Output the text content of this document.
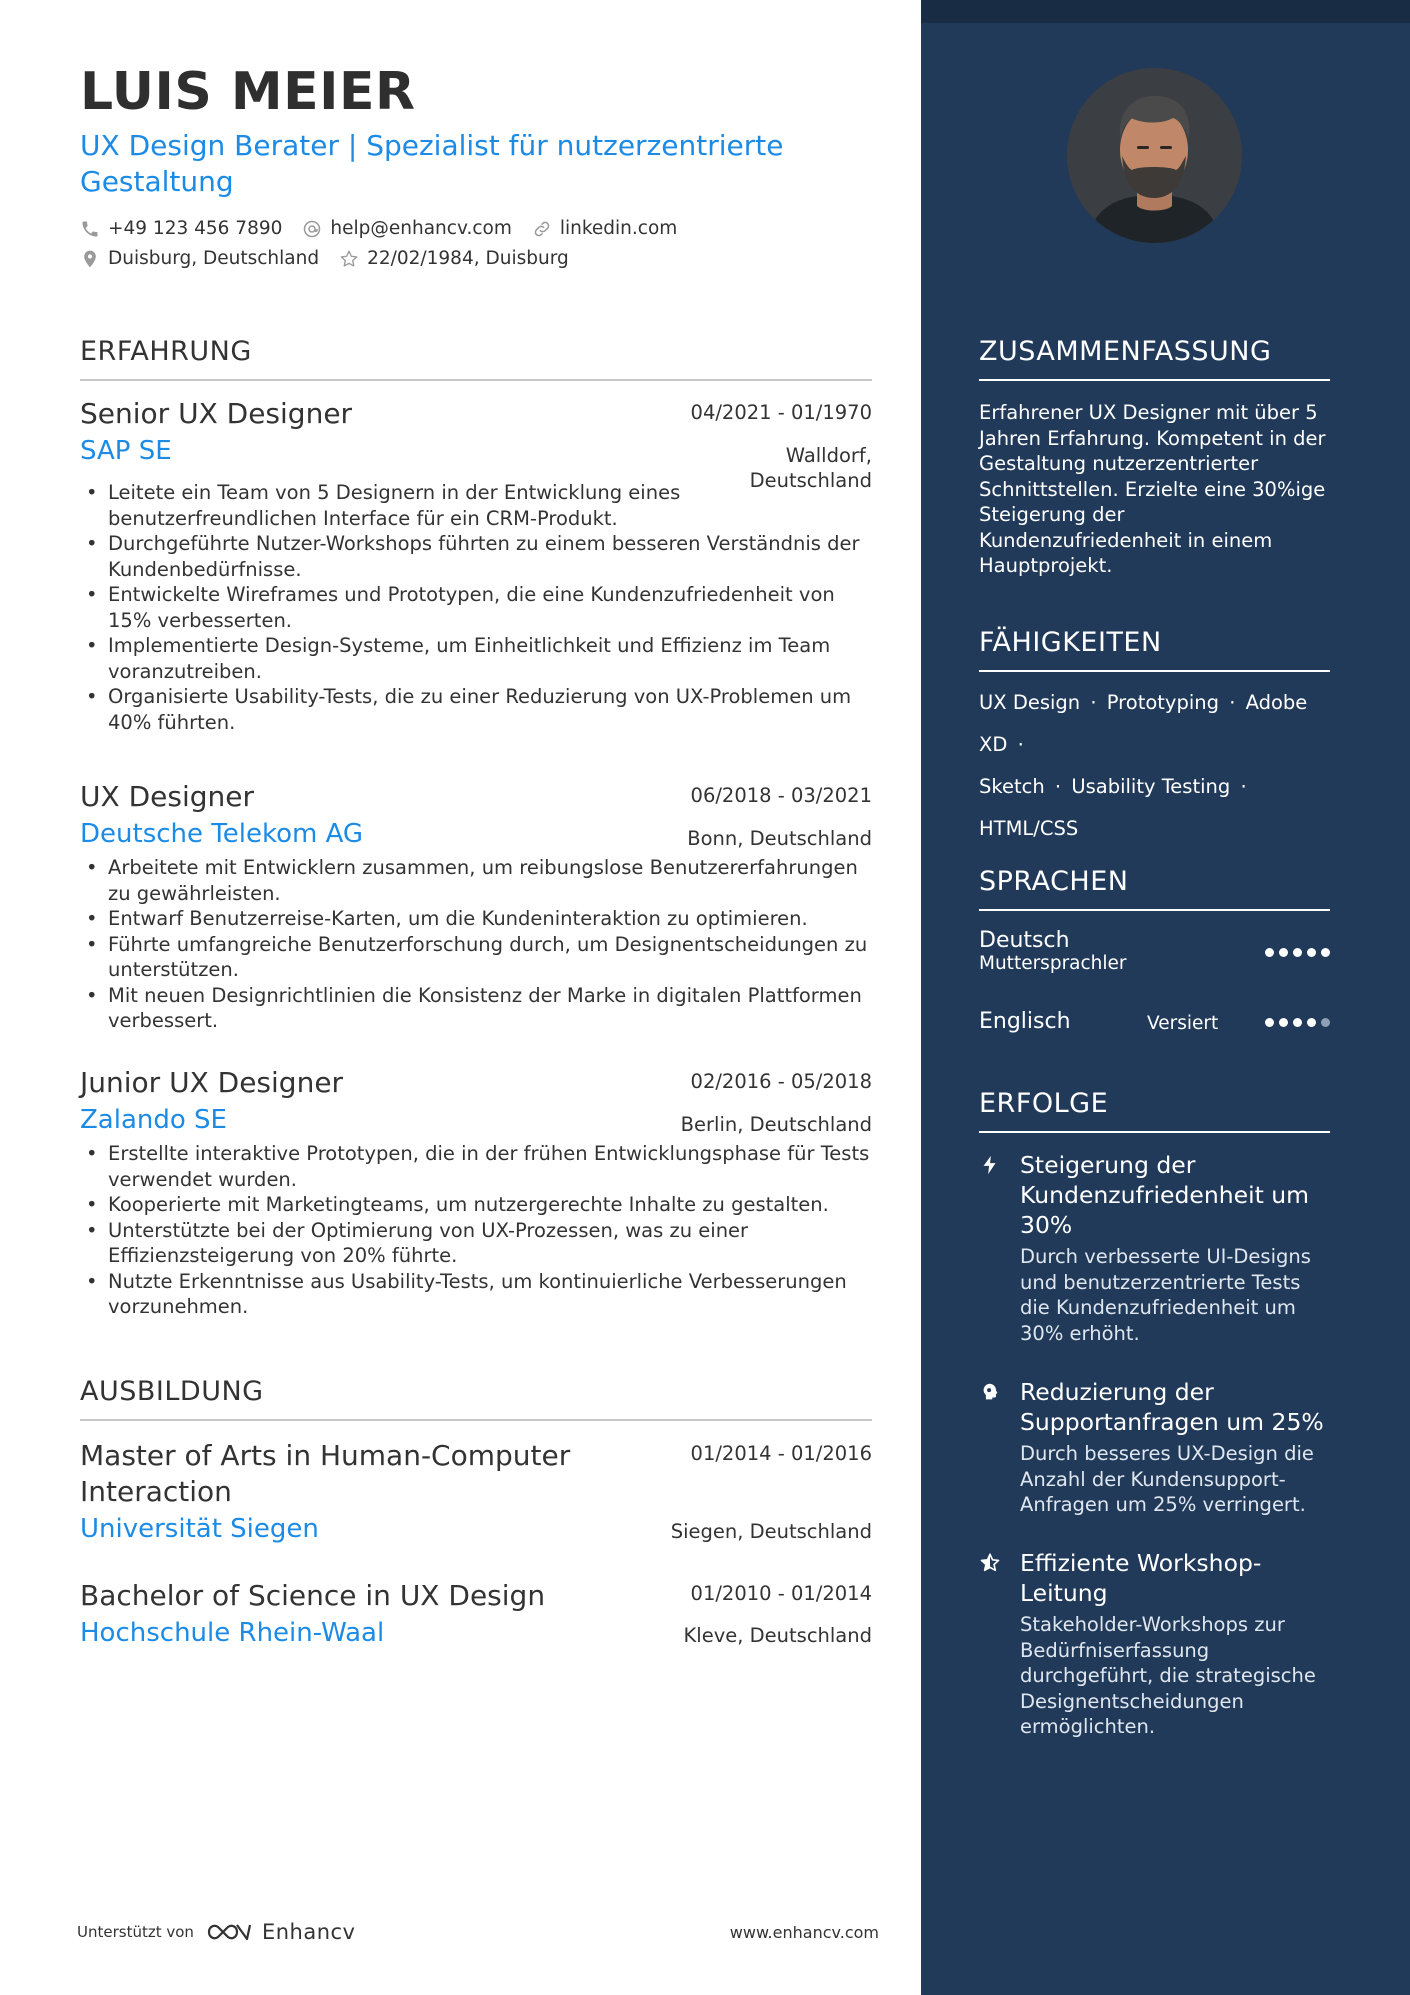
LUIS MEIER
UX Design Berater | Spezialist für nutzerzentrierte Gestaltung
+49 123 456 7890	help@enhancv.com	linkedin.com
Duisburg, Deutschland	22/02/1984, Duisburg
ERFAHRUNG
Senior UX Designer	04/2021 - 01/1970
SAP SE	Walldorf,
Deutschland
• Leitete ein Team von 5 Designern in der Entwicklung eines benutzerfreundlichen Interface für ein CRM-Produkt.
• Durchgeführte Nutzer-Workshops führten zu einem besseren Verständnis der Kundenbedürfnisse.
• Entwickelte Wireframes und Prototypen, die eine Kundenzufriedenheit von 15% verbesserten.
• Implementierte Design-Systeme, um Einheitlichkeit und Effizienz im Team voranzutreiben.
• Organisierte Usability-Tests, die zu einer Reduzierung von UX-Problemen um 40% führten.
UX Designer	06/2018 - 03/2021
Deutsche Telekom AG	Bonn, Deutschland
• Arbeitete mit Entwicklern zusammen, um reibungslose Benutzererfahrungen zu gewährleisten.
• Entwarf Benutzerreise-Karten, um die Kundeninteraktion zu optimieren.
• Führte umfangreiche Benutzerforschung durch, um Designentscheidungen zu unterstützen.
• Mit neuen Designrichtlinien die Konsistenz der Marke in digitalen Plattformen verbessert.
Junior UX Designer	02/2016 - 05/2018
Zalando SE	Berlin, Deutschland
• Erstellte interaktive Prototypen, die in der frühen Entwicklungsphase für Tests verwendet wurden.
• Kooperierte mit Marketingteams, um nutzergerechte Inhalte zu gestalten.
• Unterstützte bei der Optimierung von UX-Prozessen, was zu einer Effizienzsteigerung von 20% führte.
• Nutzte Erkenntnisse aus Usability-Tests, um kontinuierliche Verbesserungen vorzunehmen.
AUSBILDUNG
Master of Arts in Human-Computer Interaction
01/2014 - 01/2016
Universität Siegen	Siegen, Deutschland
Bachelor of Science in UX Design	01/2010 - 01/2014
Hochschule Rhein-Waal	Kleve, Deutschland
Unterstützt von	Enhancv	www.enhancv.com
ZUSAMMENFASSUNG
Erfahrener UX Designer mit über 5 Jahren Erfahrung. Kompetent in der Gestaltung nutzerzentrierter Schnittstellen. Erzielte eine 30%ige Steigerung der Kundenzufriedenheit in einem Hauptprojekt.
FÄHIGKEITEN
UX Design · Prototyping · Adobe XD ·
Sketch · Usability Testing ·
HTML/CSS
SPRACHEN
Deutsch
Muttersprachler
Englisch	Versiert
ERFOLGE
Steigerung der Kundenzufriedenheit um 30%
Durch verbesserte UI-Designs und benutzerzentrierte Tests die Kundenzufriedenheit um 30% erhöht.
Reduzierung der Supportanfragen um 25%
Durch besseres UX-Design die Anzahl der Kundensupport-Anfragen um 25% verringert.
Effiziente Workshop-Leitung
Stakeholder-Workshops zur Bedürfniserfassung durchgeführt, die strategische Designentscheidungen ermöglichten.
